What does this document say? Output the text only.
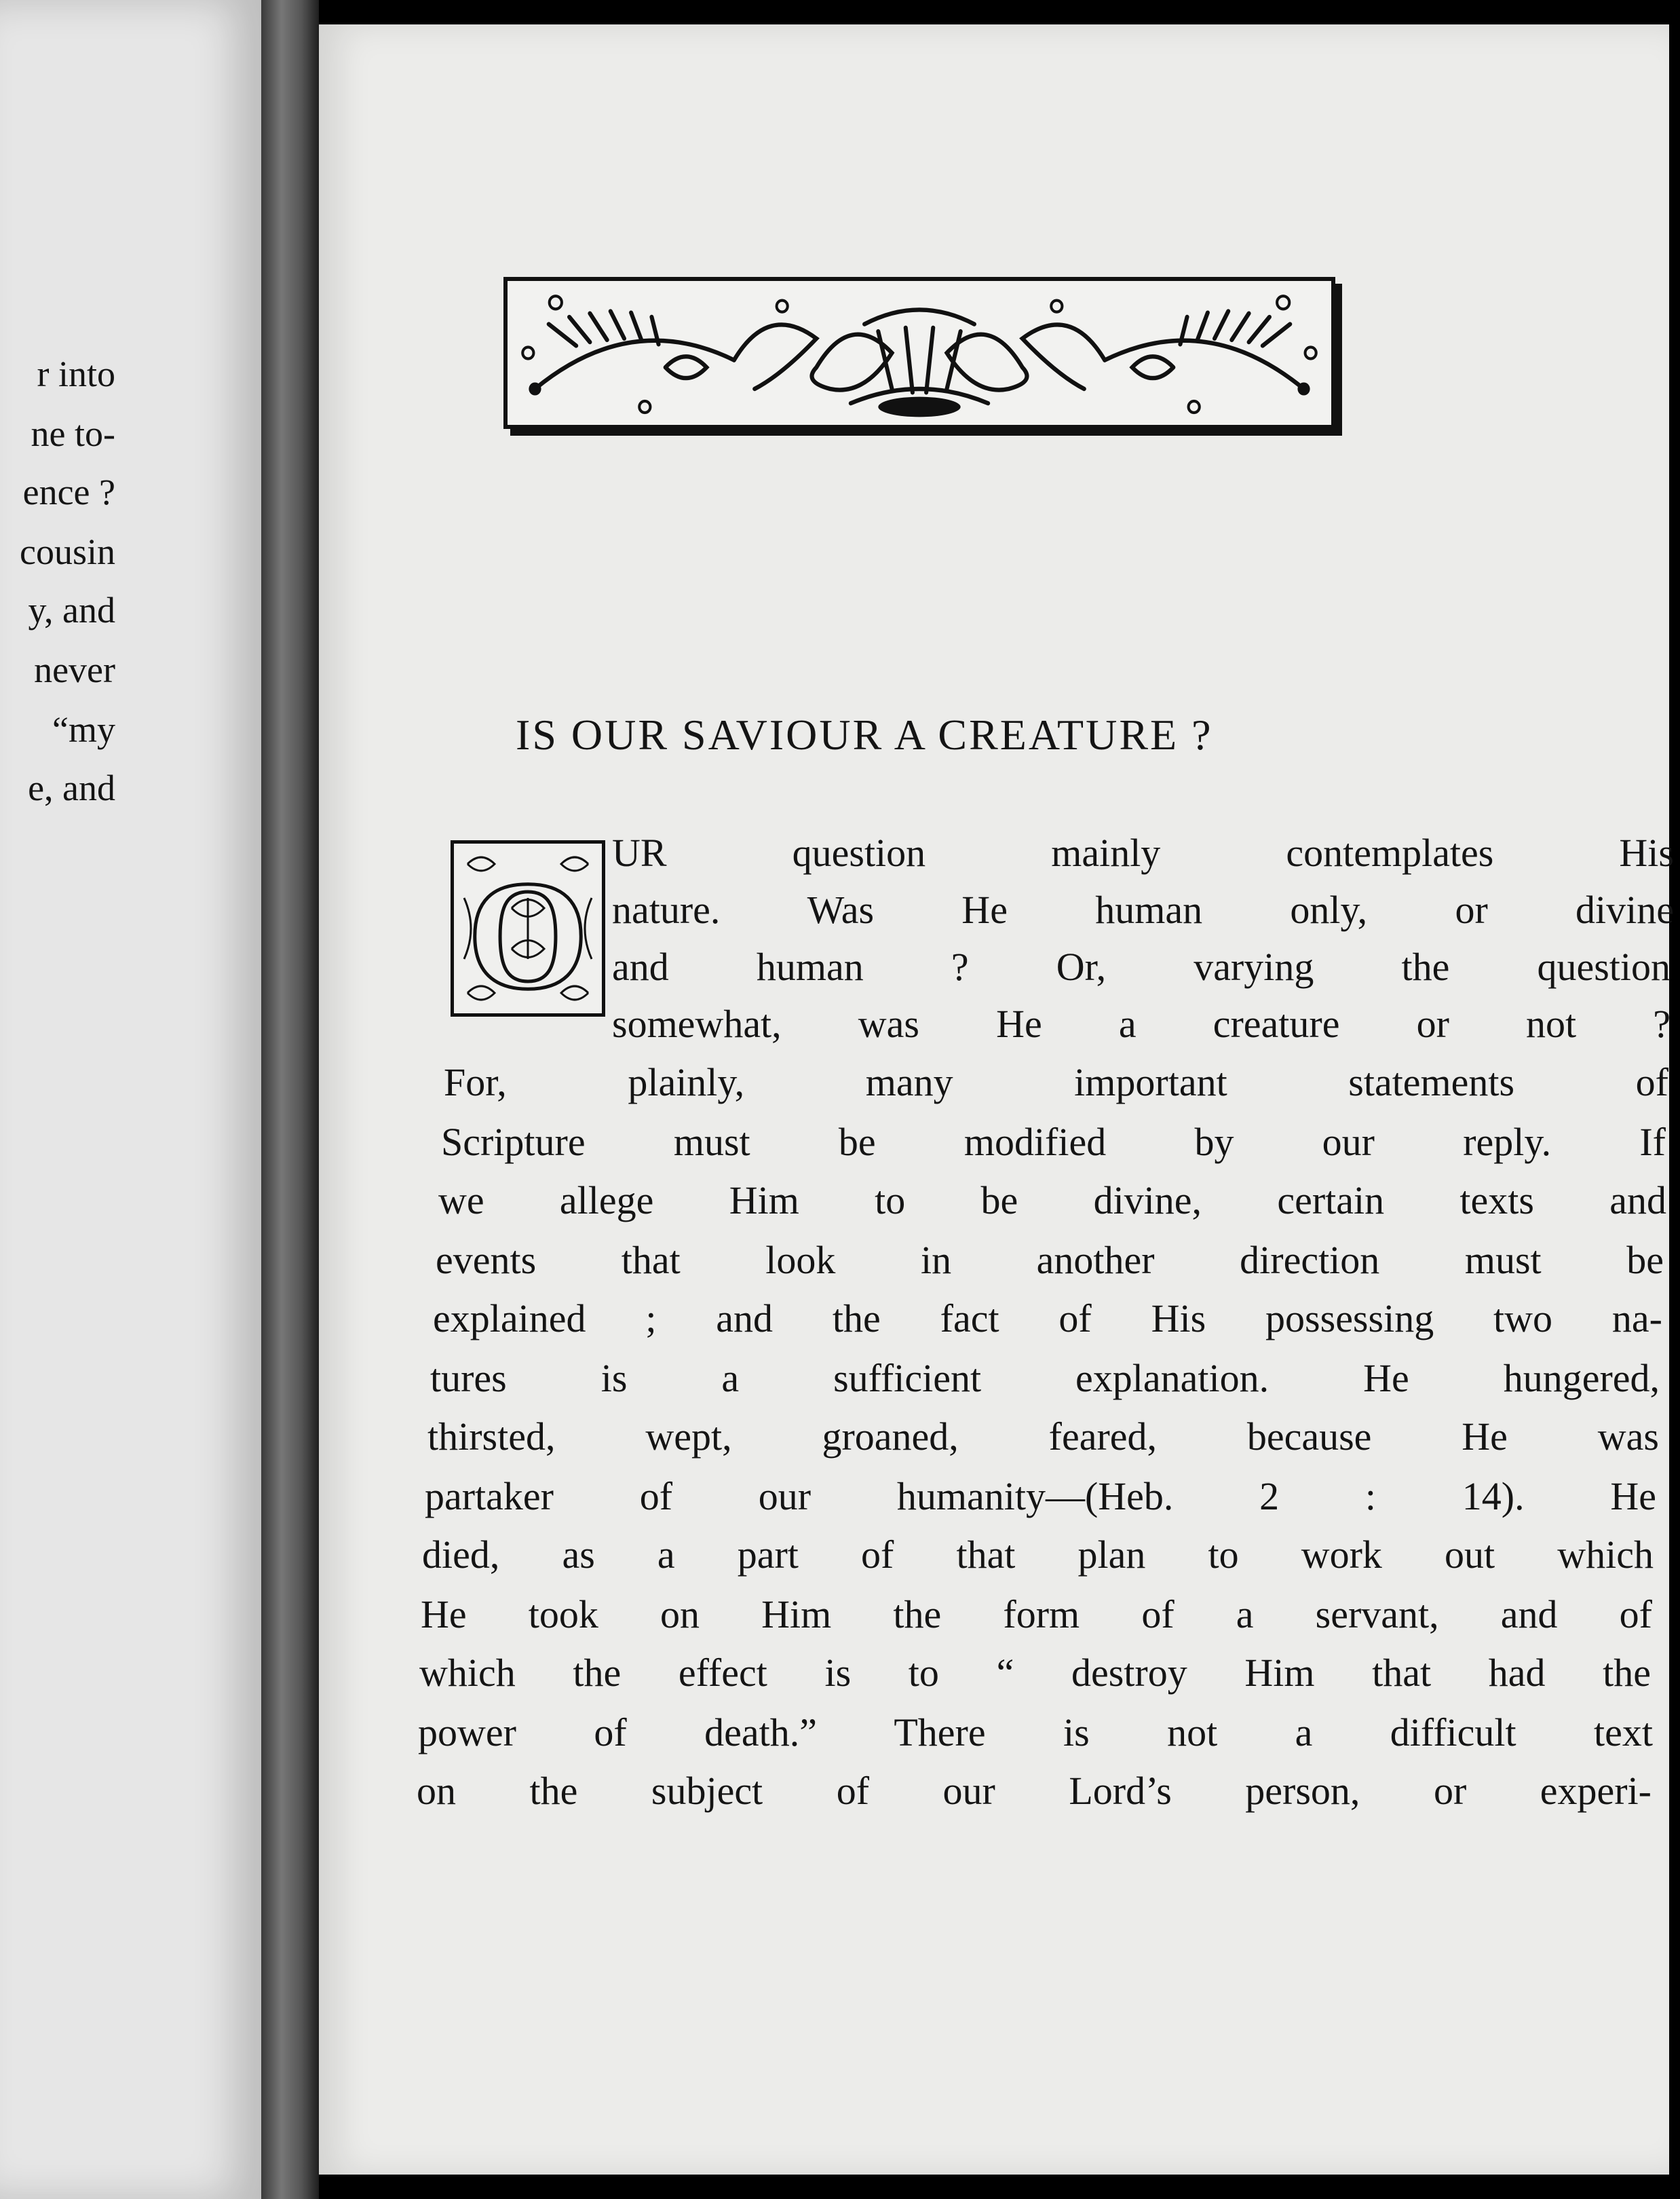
r into
ne to-
ence ?
cousin
y, and
never
“my
e, and
IS OUR SAVIOUR A CREATURE ?
O UR question mainly contemplates His
nature. Was He human only, or divine
and human ? Or, varying the question
somewhat, was He a creature or not ?
For, plainly, many important statements of
Scripture must be modified by our reply. If
we allege Him to be divine, certain texts and
events that look in another direction must be
explained ; and the fact of His possessing two na-
tures is a sufficient explanation. He hungered,
thirsted, wept, groaned, feared, because He was
partaker of our humanity—(Heb. 2 : 14). He
died, as a part of that plan to work out which
He took on Him the form of a servant, and of
which the effect is to “ destroy Him that had the
power of death.” There is not a difficult text
on the subject of our Lord’s person, or experi-
